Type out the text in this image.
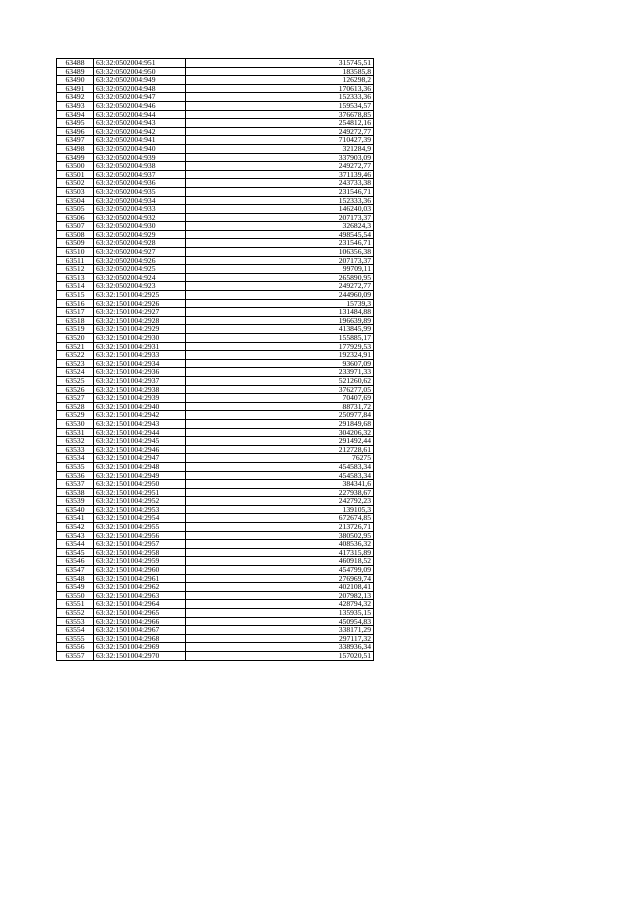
63488	63:32:0502004:951	315745,51
63489	63:32:0502004:950	183585,8
63490	63:32:0502004:949	126298,2
63491	63:32:0502004:948	170613,36
63492	63:32:0502004:947	152333,36
63493	63:32:0502004:946	159534,57
63494	63:32:0502004:944	376678,85
63495	63:32:0502004:943	254812,16
63496	63:32:0502004:942	249272,77
63497	63:32:0502004:941	710427,39
63498	63:32:0502004:940	321284,9
63499	63:32:0502004:939	337903,09
63500	63:32:0502004:938	249272,77
63501	63:32:0502004:937	371139,46
63502	63:32:0502004:936	243733,38
63503	63:32:0502004:935	231546,71
63504	63:32:0502004:934	152333,36
63505	63:32:0502004:933	146240,03
63506	63:32:0502004:932	207173,37
63507	63:32:0502004:930	326824,3
63508	63:32:0502004:929	498545,54
63509	63:32:0502004:928	231546,71
63510	63:32:0502004:927	106356,38
63511	63:32:0502004:926	207173,37
63512	63:32:0502004:925	99709,11
63513	63:32:0502004:924	265890,95
63514	63:32:0502004:923	249272,77
63515	63:32:1501004:2925	244960,09
63516	63:32:1501004:2926	15739,3
63517	63:32:1501004:2927	131484,88
63518	63:32:1501004:2928	196639,89
63519	63:32:1501004:2929	413845,99
63520	63:32:1501004:2930	155885,17
63521	63:32:1501004:2931	177929,53
63522	63:32:1501004:2933	192324,91
63523	63:32:1501004:2934	93607,09
63524	63:32:1501004:2936	233971,33
63525	63:32:1501004:2937	521260,62
63526	63:32:1501004:2938	376277,05
63527	63:32:1501004:2939	70407,69
63528	63:32:1501004:2940	88731,72
63529	63:32:1501004:2942	250977,84
63530	63:32:1501004:2943	291849,68
63531	63:32:1501004:2944	304206,32
63532	63:32:1501004:2945	291492,44
63533	63:32:1501004:2946	212728,61
63534	63:32:1501004:2947	76275
63535	63:32:1501004:2948	454583,34
63536	63:32:1501004:2949	454583,34
63537	63:32:1501004:2950	384341,6
63538	63:32:1501004:2951	227938,67
63539	63:32:1501004:2952	242792,23
63540	63:32:1501004:2953	139105,3
63541	63:32:1501004:2954	672674,85
63542	63:32:1501004:2955	213726,71
63543	63:32:1501004:2956	380502,95
63544	63:32:1501004:2957	408536,32
63545	63:32:1501004:2958	417315,89
63546	63:32:1501004:2959	460918,52
63547	63:32:1501004:2960	454799,09
63548	63:32:1501004:2961	276969,74
63549	63:32:1501004:2962	402108,41
63550	63:32:1501004:2963	207982,13
63551	63:32:1501004:2964	428794,32
63552	63:32:1501004:2965	135935,15
63553	63:32:1501004:2966	450954,83
63554	63:32:1501004:2967	338171,29
63555	63:32:1501004:2968	297117,32
63556	63:32:1501004:2969	338936,34
63557	63:32:1501004:2970	157020,51
